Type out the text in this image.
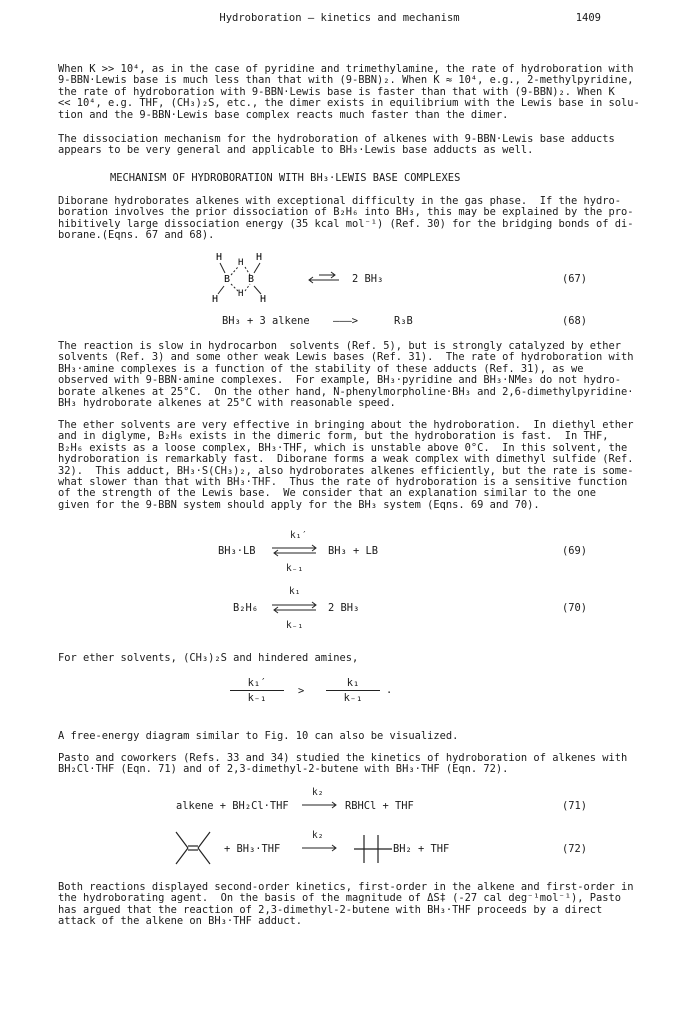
Hydroboration — kinetics and mechanism	1409
When K >> 10⁴, as in the case of pyridine and trimethylamine, the rate of hydroboration with
9-BBN·Lewis base is much less than that with (9-BBN)₂. When K ≈ 10⁴, e.g., 2-methylpyridine,
the rate of hydroboration with 9-BBN·Lewis base is faster than that with (9-BBN)₂. When K
<< 10⁴, e.g. THF, (CH₃)₂S, etc., the dimer exists in equilibrium with the Lewis base in solu-
tion and the 9-BBN·Lewis base complex reacts much faster than the dimer.
The dissociation mechanism for the hydroboration of alkenes with 9-BBN·Lewis base adducts
appears to be very general and applicable to BH₃·Lewis base adducts as well.
MECHANISM OF HYDROBORATION WITH BH₃·LEWIS BASE COMPLEXES
Diborane hydroborates alkenes with exceptional difficulty in the gas phase.  If the hydro-
boration involves the prior dissociation of B₂H₆ into BH₃, this may be explained by the pro-
hibitively large dissociation energy (35 kcal mol⁻¹) (Ref. 30) for the bridging bonds of di-
borane.(Eqns. 67 and 68).
H H H
H H H
B B	2 BH₃	(67)
BH₃ + 3 alkene ———>	R₃B	(68)
The reaction is slow in hydrocarbon  solvents (Ref. 5), but is strongly catalyzed by ether
solvents (Ref. 3) and some other weak Lewis bases (Ref. 31).  The rate of hydroboration with
BH₃·amine complexes is a function of the stability of these adducts (Ref. 31), as we
observed with 9-BBN·amine complexes.  For example, BH₃·pyridine and BH₃·NMe₃ do not hydro-
borate alkenes at 25°C.  On the other hand, N-phenylmorpholine·BH₃ and 2,6-dimethylpyridine·
BH₃ hydroborate alkenes at 25°C with reasonable speed.
The ether solvents are very effective in bringing about the hydroboration.  In diethyl ether
and in diglyme, B₂H₆ exists in the dimeric form, but the hydroboration is fast.  In THF,
B₂H₆ exists as a loose complex, BH₃·THF, which is unstable above 0°C.  In this solvent, the
hydroboration is remarkably fast.  Diborane forms a weak complex with dimethyl sulfide (Ref.
32).  This adduct, BH₃·S(CH₃)₂, also hydroborates alkenes efficiently, but the rate is some-
what slower than that with BH₃·THF.  Thus the rate of hydroboration is a sensitive function
of the strength of the Lewis base.  We consider that an explanation similar to the one
given for the 9-BBN system should apply for the BH₃ system (Eqns. 69 and 70).
BH₃·LB
k₁′
k₋₁
BH₃ + LB	(69)
B₂H₆
k₁
k₋₁
2 BH₃	(70)
For ether solvents, (CH₃)₂S and hindered amines,
$\frac{\text{k₁′}}{\text{k₋₁}} > \frac{\text{k₁}}{\text{k₋₁}}$ .
A free-energy diagram similar to Fig. 10 can also be visualized.
Pasto and coworkers (Refs. 33 and 34) studied the kinetics of hydroboration of alkenes with
BH₂Cl·THF (Eqn. 71) and of 2,3-dimethyl-2-butene with BH₃·THF (Eqn. 72).
alkene + BH₂Cl·THF
k₂
→ RBHCl + THF	(71)
+ BH₃·THF
k₂
BH₂ + THF	(72)
Both reactions displayed second-order kinetics, first-order in the alkene and first-order in
the hydroborating agent.  On the basis of the magnitude of ΔS‡ (-27 cal deg⁻¹mol⁻¹), Pasto
has argued that the reaction of 2,3-dimethyl-2-butene with BH₃·THF proceeds by a direct
attack of the alkene on BH₃·THF adduct.
